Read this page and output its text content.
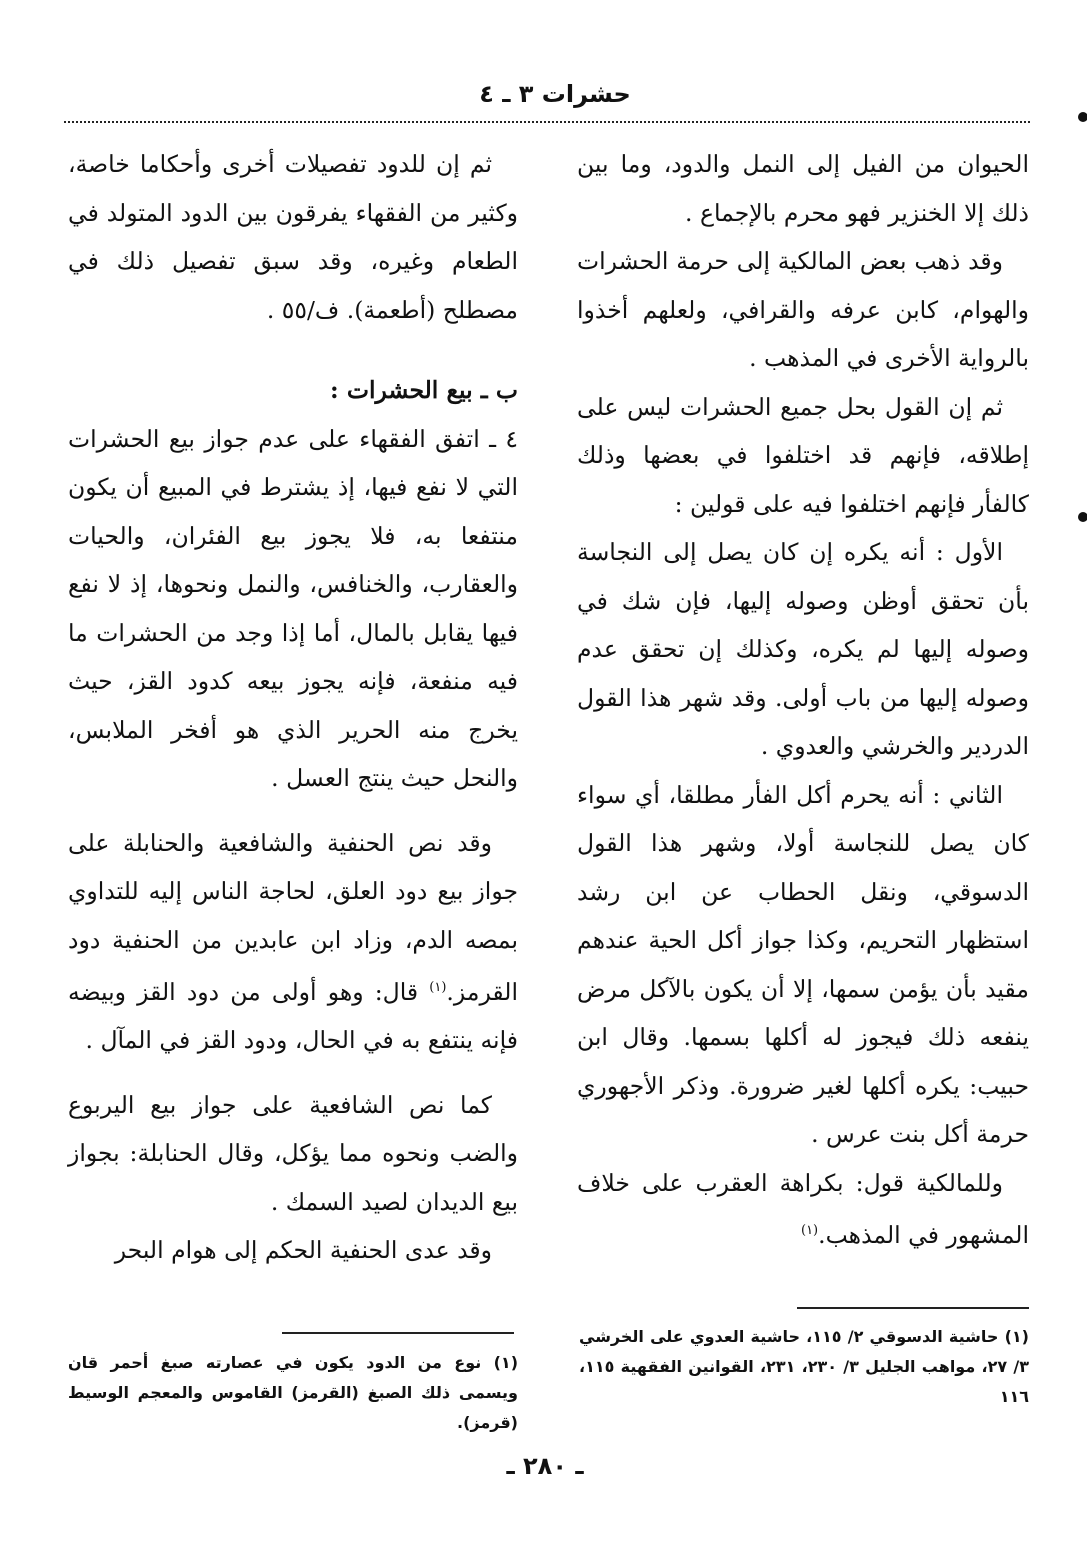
حشرات ٣ ـ ٤

الحيوان من الفيل إلى النمل والدود، وما بين ذلك إلا الخنزير فهو محرم بالإجماع .

وقد ذهب بعض المالكية إلى حرمة الحشرات والهوام، كابن عرفه والقرافي، ولعلهم أخذوا بالرواية الأخرى في المذهب .

ثم إن القول بحل جميع الحشرات ليس على إطلاقه، فإنهم قد اختلفوا في بعضها وذلك كالفأر فإنهم اختلفوا فيه على قولين :

الأول : أنه يكره إن كان يصل إلى النجاسة بأن تحقق أوظن وصوله إليها، فإن شك في وصوله إليها لم يكره، وكذلك إن تحقق عدم وصوله إليها من باب أولى. وقد شهر هذا القول الدردير والخرشي والعدوي .

الثاني : أنه يحرم أكل الفأر مطلقا، أي سواء كان يصل للنجاسة أولا، وشهر هذا القول الدسوقي، ونقل الحطاب عن ابن رشد استظهار التحريم، وكذا جواز أكل الحية عندهم مقيد بأن يؤمن سمها، إلا أن يكون بالآكل مرض ينفعه ذلك فيجوز له أكلها بسمها. وقال ابن حبيب: يكره أكلها لغير ضرورة. وذكر الأجهوري حرمة أكل بنت عرس .

وللمالكية قول: بكراهة العقرب على خلاف المشهور في المذهب.$^{(١)}$

ثم إن للدود تفصيلات أخرى وأحكاما خاصة، وكثير من الفقهاء يفرقون بين الدود المتولد في الطعام وغيره، وقد سبق تفصيل ذلك في مصطلح (أطعمة). ف/٥٥ .

ب ـ بيع الحشرات :

٤ ـ اتفق الفقهاء على عدم جواز بيع الحشرات التي لا نفع فيها، إذ يشترط في المبيع أن يكون منتفعا به، فلا يجوز بيع الفئران، والحيات والعقارب، والخنافس، والنمل ونحوها، إذ لا نفع فيها يقابل بالمال، أما إذا وجد من الحشرات ما فيه منفعة، فإنه يجوز بيعه كدود القز، حيث يخرج منه الحرير الذي هو أفخر الملابس، والنحل حيث ينتج العسل .

وقد نص الحنفية والشافعية والحنابلة على جواز بيع دود العلق، لحاجة الناس إليه للتداوي بمصه الدم، وزاد ابن عابدين من الحنفية دود القرمز.$^{(١)}$ قال: وهو أولى من دود القز وبيضه فإنه ينتفع به في الحال، ودود القز في المآل .

كما نص الشافعية على جواز بيع اليربوع والضب ونحوه مما يؤكل، وقال الحنابلة: بجواز بيع الديدان لصيد السمك .

وقد عدى الحنفية الحكم إلى هوام البحر

(١) حاشية الدسوقي ٢/ ١١٥، حاشية العدوي على الخرشي ٣/ ٢٧، مواهب الجليل ٣/ ٢٣٠، ٢٣١، القوانين الفقهية ١١٥، ١١٦
(١) نوع من الدود يكون في عصارته صبغ أحمر قان ويسمى ذلك الصبغ (القرمز) القاموس والمعجم الوسيط (قرمز).
ـ ٢٨٠ ـ
